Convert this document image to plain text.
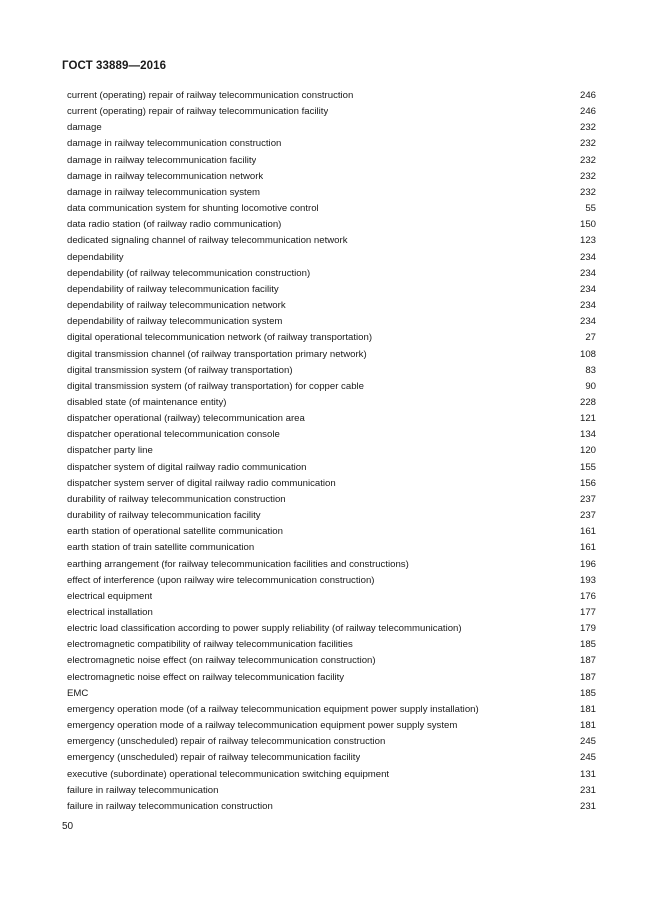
ГОСТ 33889—2016
current (operating) repair of railway telecommunication construction	246
current (operating) repair of railway telecommunication facility	246
damage	232
damage in railway telecommunication construction	232
damage in railway telecommunication facility	232
damage in railway telecommunication network	232
damage in railway telecommunication system	232
data communication system for shunting locomotive control	55
data radio station (of railway radio communication)	150
dedicated signaling channel of railway telecommunication network	123
dependability	234
dependability (of railway telecommunication construction)	234
dependability of railway telecommunication facility	234
dependability of railway telecommunication network	234
dependability of railway telecommunication system	234
digital operational telecommunication network (of railway transportation)	27
digital transmission channel (of railway transportation primary network)	108
digital transmission system (of railway transportation)	83
digital transmission system (of railway transportation) for copper cable	90
disabled state (of maintenance entity)	228
dispatcher operational (railway) telecommunication area	121
dispatcher operational telecommunication console	134
dispatcher party line	120
dispatcher system of digital railway radio communication	155
dispatcher system server of digital railway radio communication	156
durability of railway telecommunication construction	237
durability of railway telecommunication facility	237
earth station of operational satellite communication	161
earth station of train satellite communication	161
earthing arrangement (for railway telecommunication facilities and constructions)	196
effect of interference (upon railway wire telecommunication construction)	193
electrical equipment	176
electrical installation	177
electric load classification according to power supply reliability (of railway telecommunication)	179
electromagnetic compatibility of railway telecommunication facilities	185
electromagnetic noise effect (on railway telecommunication construction)	187
electromagnetic noise effect on railway telecommunication facility	187
EMC	185
emergency operation mode (of a railway telecommunication equipment power supply installation)	181
emergency operation mode of a railway telecommunication equipment power supply system	181
emergency (unscheduled) repair of railway telecommunication construction	245
emergency (unscheduled) repair of railway telecommunication facility	245
executive (subordinate) operational telecommunication switching equipment	131
failure in railway telecommunication	231
failure in railway telecommunication construction	231
50
